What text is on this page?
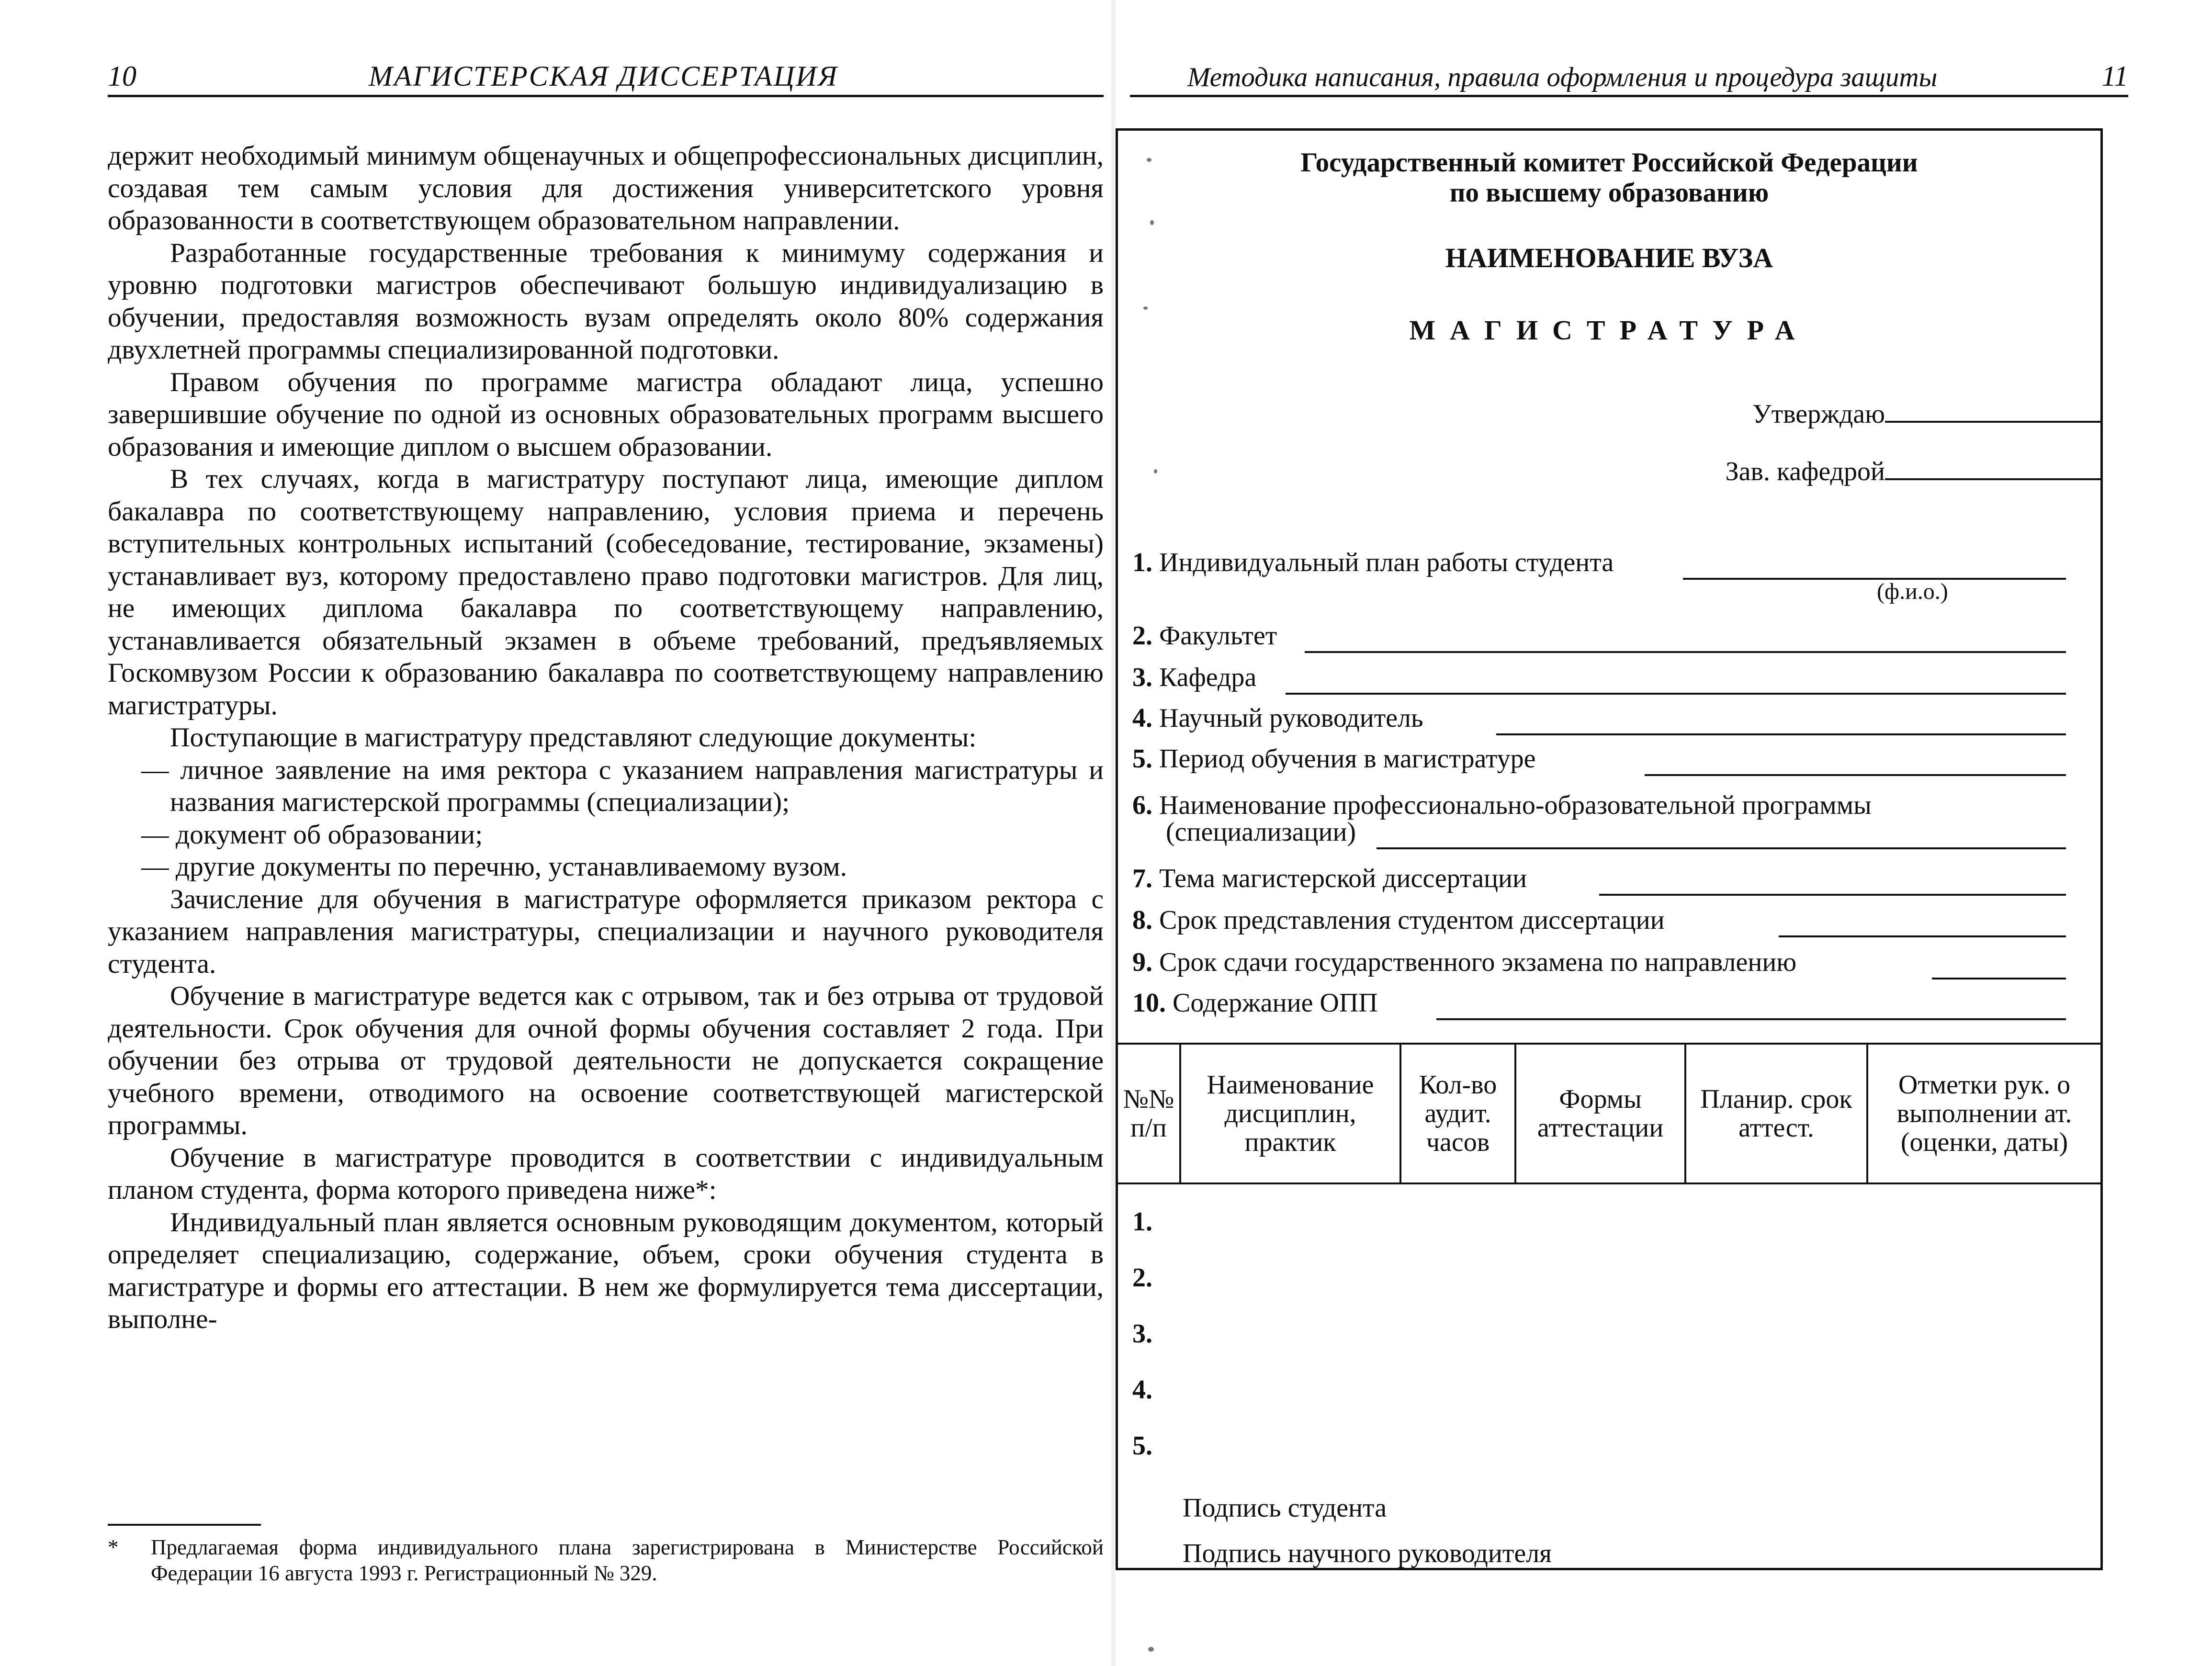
10	МАГИСТЕРСКАЯ ДИССЕРТАЦИЯ

держит необходимый минимум общенаучных и общепрофессиональных дисциплин, создавая тем самым условия для достижения университетского уровня образованности в соответствующем образовательном направлении.

Разработанные государственные требования к минимуму содержания и уровню подготовки магистров обеспечивают большую индивидуализацию в обучении, предоставляя возможность вузам определять около 80% содержания двухлетней программы специализированной подготовки.

Правом обучения по программе магистра обладают лица, успешно завершившие обучение по одной из основных образовательных программ высшего образования и имеющие диплом о высшем образовании.

В тех случаях, когда в магистратуру поступают лица, имеющие диплом бакалавра по соответствующему направлению, условия приема и перечень вступительных контрольных испытаний (собеседование, тестирование, экзамены) устанавливает вуз, которому предоставлено право подготовки магистров. Для лиц, не имеющих диплома бакалавра по соответствующему направлению, устанавливается обязательный экзамен в объеме требований, предъявляемых Госкомвузом России к образованию бакалавра по соответствующему направлению магистратуры.

Поступающие в магистратуру представляют следующие документы:

— личное заявление на имя ректора с указанием направления магистратуры и названия магистерской программы (специализации);
— документ об образовании;
— другие документы по перечню, устанавливаемому вузом.

Зачисление для обучения в магистратуре оформляется приказом ректора с указанием направления магистратуры, специализации и научного руководителя студента.

Обучение в магистратуре ведется как с отрывом, так и без отрыва от трудовой деятельности. Срок обучения для очной формы обучения составляет 2 года. При обучении без отрыва от трудовой деятельности не допускается сокращение учебного времени, отводимого на освоение соответствующей магистерской программы.

Обучение в магистратуре проводится в соответствии с индивидуальным планом студента, форма которого приведена ниже*:

Индивидуальный план является основным руководящим документом, который определяет специализацию, содержание, объем, сроки обучения студента в магистратуре и формы его аттестации. В нем же формулируется тема диссертации, выполне-

* Предлагаемая форма индивидуального плана зарегистрирована в Министерстве Российской Федерации 16 августа 1993 г. Регистрационный № 329.
Методика написания, правила оформления и процедура защиты	11
Государственный комитет Российской Федерации
по высшему образованию
НАИМЕНОВАНИЕ ВУЗА
МАГИСТРАТУРА
Утверждаю
Зав. кафедрой
1. Индивидуальный план работы студента
(ф.и.о.)
2. Факультет
3. Кафедра
4. Научный руководитель
5. Период обучения в магистратуре
6. Наименование профессионально-образовательной программы
(специализации)
7. Тема магистерской диссертации
8. Срок представления студентом диссертации
9. Срок сдачи государственного экзамена по направлению
10. Содержание ОПП
№№ п/п	Наименование дисциплин, практик	Кол-во аудит. часов	Формы аттестации	Планир. срок аттест.	Отметки рук. о выполнении ат. (оценки, даты)

1.
2.
3.
4.
5.
Подпись студента
Подпись научного руководителя
